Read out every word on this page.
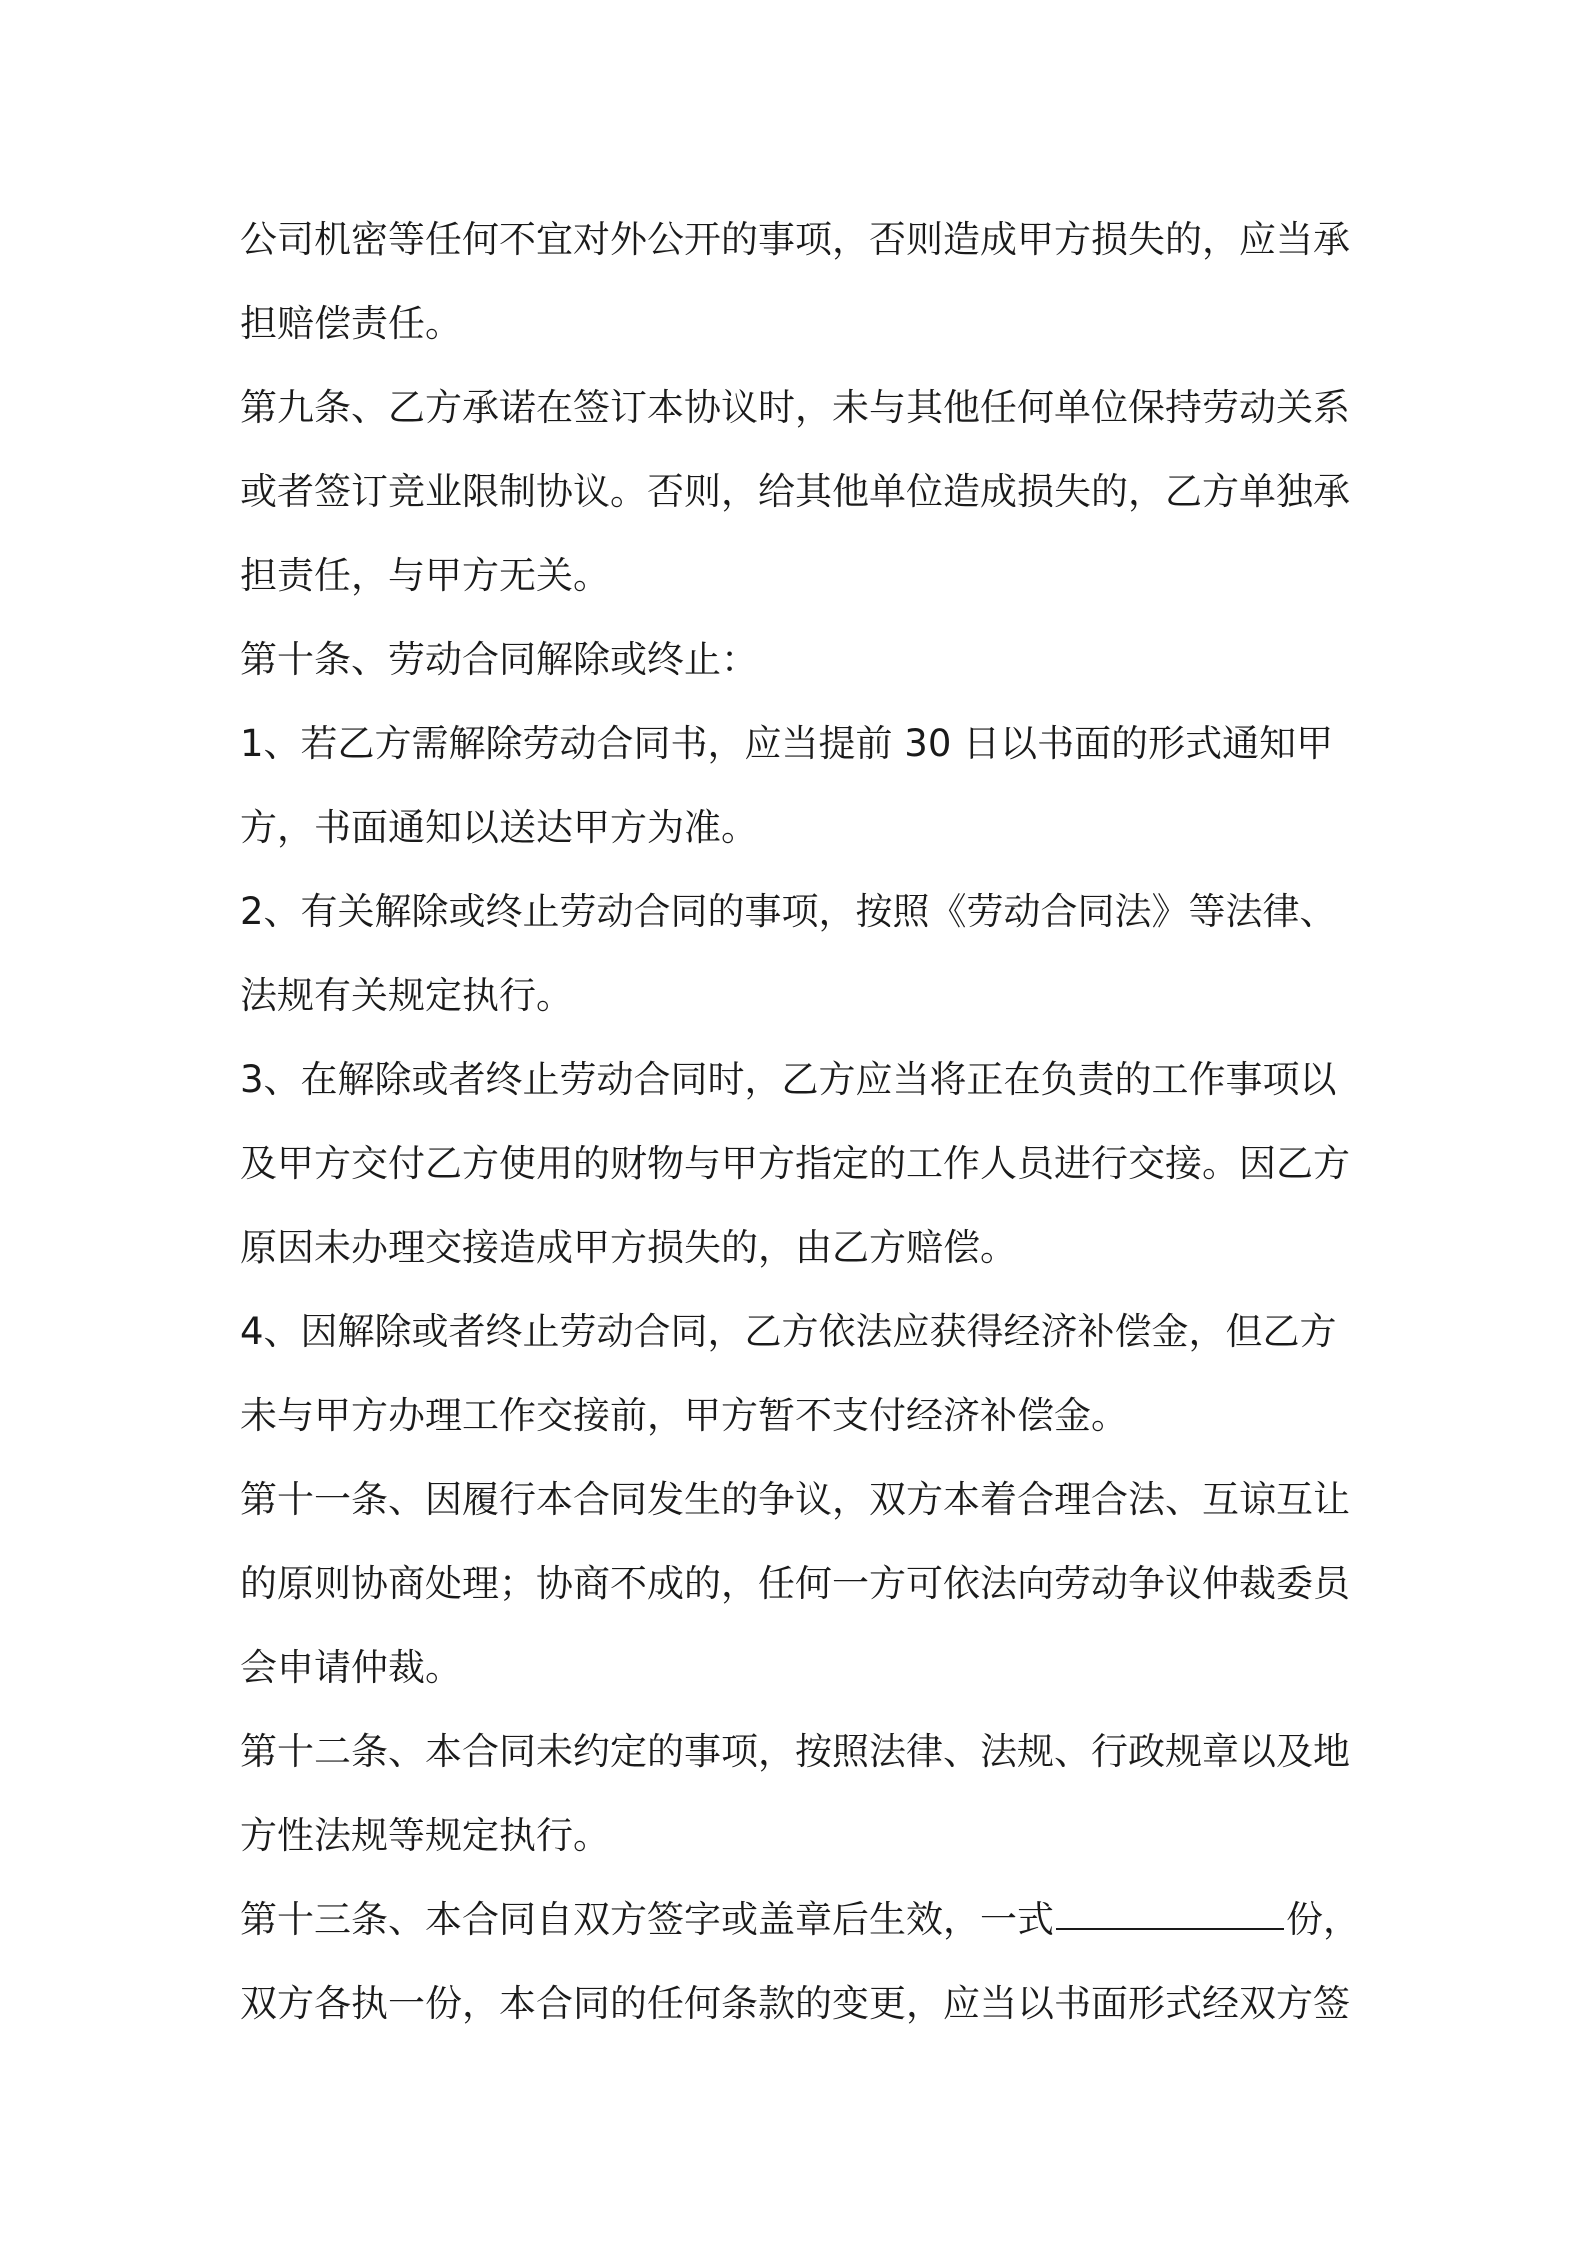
公司机密等任何不宜对外公开的事项，否则造成甲方损失的，应当承
担赔偿责任。
第九条、乙方承诺在签订本协议时，未与其他任何单位保持劳动关系
或者签订竞业限制协议。否则，给其他单位造成损失的，乙方单独承
担责任，与甲方无关。
第十条、劳动合同解除或终止：
1、若乙方需解除劳动合同书，应当提前 30 日以书面的形式通知甲
方，书面通知以送达甲方为准。
2、有关解除或终止劳动合同的事项，按照《劳动合同法》等法律、
法规有关规定执行。
3、在解除或者终止劳动合同时，乙方应当将正在负责的工作事项以
及甲方交付乙方使用的财物与甲方指定的工作人员进行交接。因乙方
原因未办理交接造成甲方损失的，由乙方赔偿。
4、因解除或者终止劳动合同，乙方依法应获得经济补偿金，但乙方
未与甲方办理工作交接前，甲方暂不支付经济补偿金。
第十一条、因履行本合同发生的争议，双方本着合理合法、互谅互让
的原则协商处理；协商不成的，任何一方可依法向劳动争议仲裁委员
会申请仲裁。
第十二条、本合同未约定的事项，按照法律、法规、行政规章以及地
方性法规等规定执行。
第十三条、本合同自双方签字或盖章后生效，一式	份，
双方各执一份，本合同的任何条款的变更，应当以书面形式经双方签
